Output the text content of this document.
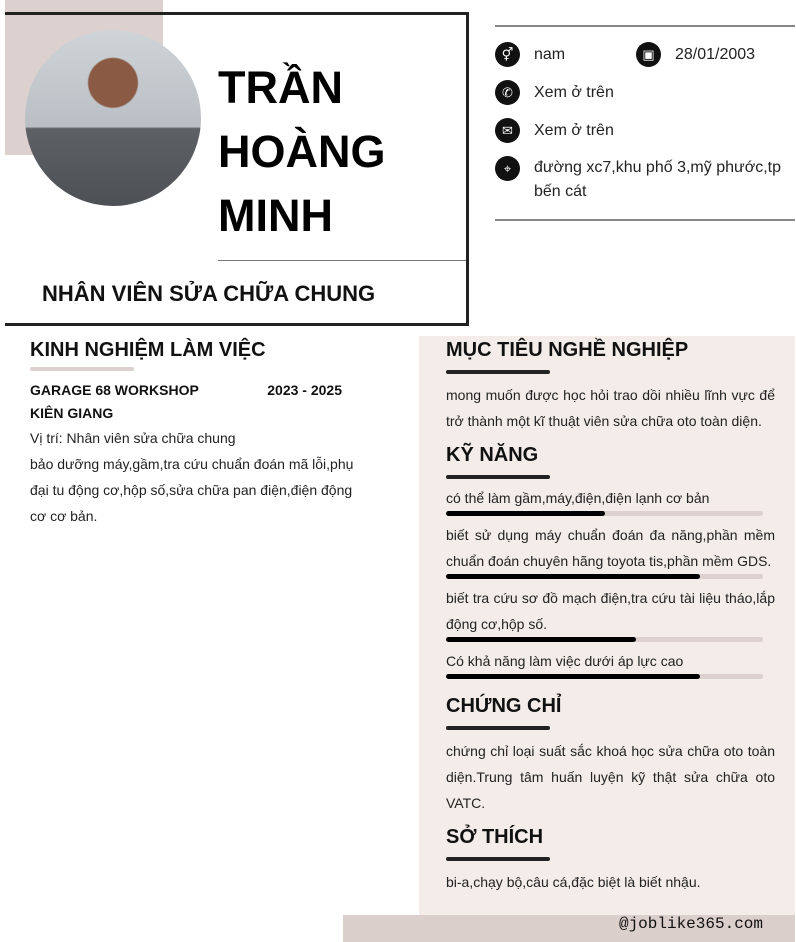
TRẦN
HOÀNG
MINH
NHÂN VIÊN SỬA CHỮA CHUNG
⚥	nam	▣	28/01/2003
✆	Xem ở trên
✉	Xem ở trên
⌖	đường xc7,khu phố 3,mỹ phước,tp bến cát
KINH NGHIỆM LÀM VIỆC
GARAGE 68 WORKSHOP KIÊN GIANG
2023 - 2025
Vị trí: Nhân viên sửa chữa chung
bảo dưỡng máy,gầm,tra cứu chuẩn đoán mã lỗi,phụ đại tu động cơ,hộp số,sửa chữa pan điện,điện động cơ cơ bản.
MỤC TIÊU NGHỀ NGHIỆP
mong muốn được học hỏi trao dồi nhiều lĩnh vực để trở thành một kĩ thuật viên sửa chữa oto toàn diện.
KỸ NĂNG
có thể làm gầm,máy,điện,điện lạnh cơ bản
biết sử dụng máy chuẩn đoán đa năng,phần mềm chuẩn đoán chuyên hãng toyota tis,phần mềm GDS.
biết tra cứu sơ đồ mạch điện,tra cứu tài liệu tháo,lắp động cơ,hộp số.
Có khả năng làm việc dưới áp lực cao
CHỨNG CHỈ
chứng chỉ loại suất sắc khoá học sửa chữa oto toàn diện.Trung tâm huấn luyện kỹ thật sửa chữa oto VATC.
SỞ THÍCH
bi-a,chạy bộ,câu cá,đặc biệt là biết nhậu.
@joblike365.com
